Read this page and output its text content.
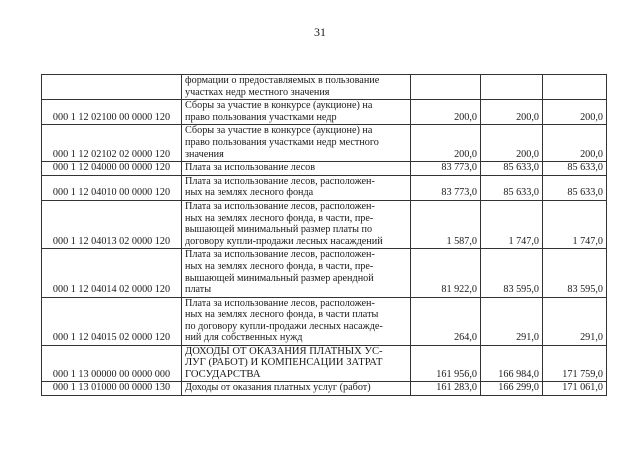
31

	формации о предоставляемых в пользование
участках недр местного значения			

000 1 12 02100 00 0000 120	Сборы за участие в конкурсе (аукционе) на
право пользования участками недр	200,0	200,0	200,0
000 1 12 02102 02 0000 120	Сборы за участие в конкурсе (аукционе) на
право пользования участками недр местного
значения	200,0	200,0	200,0
000 1 12 04000 00 0000 120	Плата за использование лесов	83 773,0	85 633,0	85 633,0
000 1 12 04010 00 0000 120	Плата за использование лесов, расположен-
ных на землях лесного фонда	83 773,0	85 633,0	85 633,0
000 1 12 04013 02 0000 120	Плата за использование лесов, расположен-
ных на землях лесного фонда, в части, пре-
вышающей минимальный размер платы по
договору купли-продажи лесных насаждений	1 587,0	1 747,0	1 747,0
000 1 12 04014 02 0000 120	Плата за использование лесов, расположен-
ных на землях лесного фонда, в части, пре-
вышающей минимальный размер арендной
платы	81 922,0	83 595,0	83 595,0
000 1 12 04015 02 0000 120	Плата за использование лесов, расположен-
ных на землях лесного фонда, в части платы
по договору купли-продажи лесных насажде-
ний для собственных нужд	264,0	291,0	291,0
000 1 13 00000 00 0000 000	ДОХОДЫ ОТ ОКАЗАНИЯ ПЛАТНЫХ УС-
ЛУГ (РАБОТ) И КОМПЕНСАЦИИ ЗАТРАТ
ГОСУДАРСТВА	161 956,0	166 984,0	171 759,0
000 1 13 01000 00 0000 130	Доходы от оказания платных услуг (работ)	161 283,0	166 299,0	171 061,0
